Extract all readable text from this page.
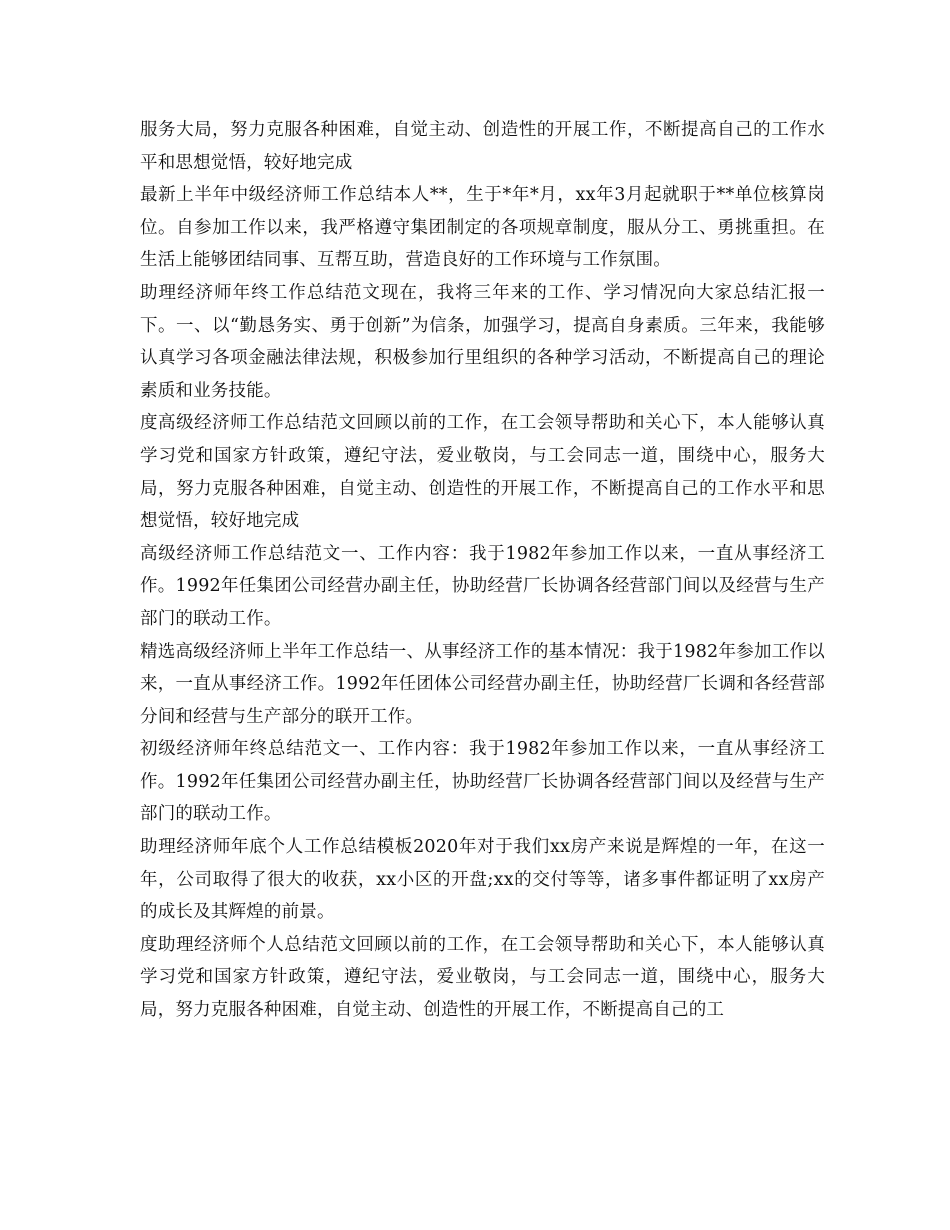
服务大局，努力克服各种困难，自觉主动、创造性的开展工作，不断提高自己的工作水平和思想觉悟，较好地完成

最新上半年中级经济师工作总结本人**，生于*年*月，xx年3月起就职于**单位核算岗位。自参加工作以来，我严格遵守集团制定的各项规章制度，服从分工、勇挑重担。在生活上能够团结同事、互帮互助，营造良好的工作环境与工作氛围。

助理经济师年终工作总结范文现在，我将三年来的工作、学习情况向大家总结汇报一下。一、以“勤恳务实、勇于创新”为信条，加强学习，提高自身素质。三年来，我能够认真学习各项金融法律法规，积极参加行里组织的各种学习活动，不断提高自己的理论素质和业务技能。

度高级经济师工作总结范文回顾以前的工作，在工会领导帮助和关心下，本人能够认真学习党和国家方针政策，遵纪守法，爱业敬岗，与工会同志一道，围绕中心，服务大局，努力克服各种困难，自觉主动、创造性的开展工作，不断提高自己的工作水平和思想觉悟，较好地完成

高级经济师工作总结范文一、工作内容：我于1982年参加工作以来，一直从事经济工作。1992年任集团公司经营办副主任，协助经营厂长协调各经营部门间以及经营与生产部门的联动工作。

精选高级经济师上半年工作总结一、从事经济工作的基本情况：我于1982年参加工作以来，一直从事经济工作。1992年任团体公司经营办副主任，协助经营厂长调和各经营部分间和经营与生产部分的联开工作。

初级经济师年终总结范文一、工作内容：我于1982年参加工作以来，一直从事经济工作。1992年任集团公司经营办副主任，协助经营厂长协调各经营部门间以及经营与生产部门的联动工作。

助理经济师年底个人工作总结模板2020年对于我们xx房产来说是辉煌的一年，在这一年，公司取得了很大的收获，xx小区的开盘;xx的交付等等，诸多事件都证明了xx房产的成长及其辉煌的前景。

度助理经济师个人总结范文回顾以前的工作，在工会领导帮助和关心下，本人能够认真学习党和国家方针政策，遵纪守法，爱业敬岗，与工会同志一道，围绕中心，服务大局，努力克服各种困难，自觉主动、创造性的开展工作，不断提高自己的工
